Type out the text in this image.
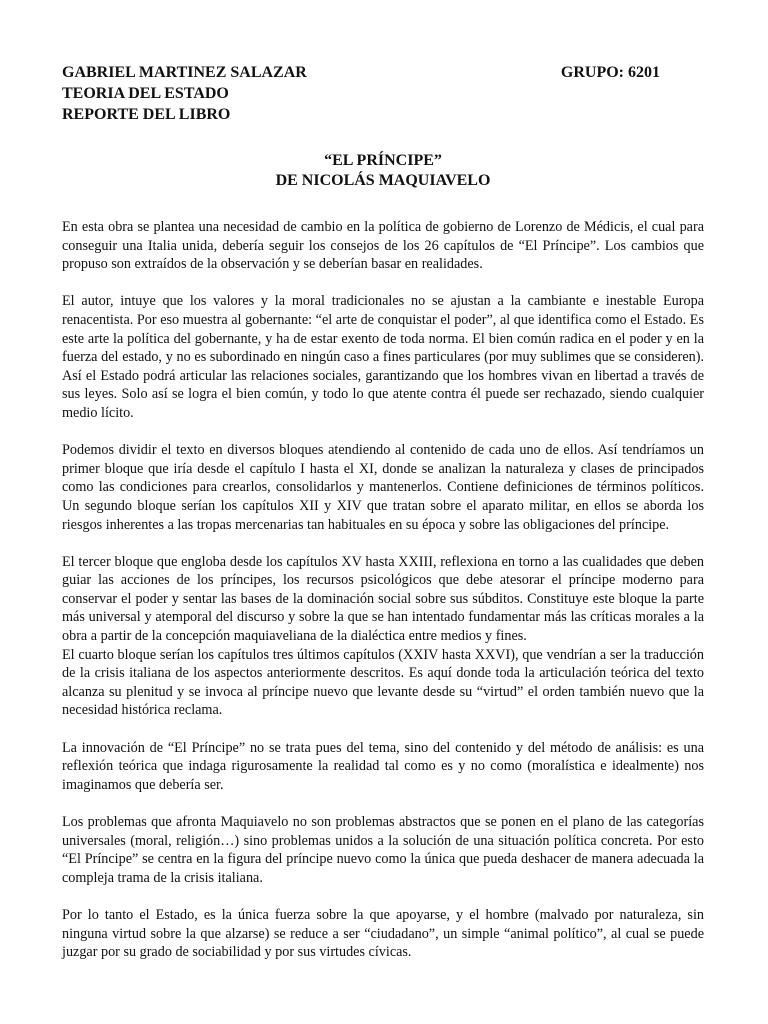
GABRIEL MARTINEZ SALAZAR	GRUPO: 6201
TEORIA DEL ESTADO
REPORTE DEL LIBRO
“EL PRÍNCIPE”
DE NICOLÁS MAQUIAVELO

En esta obra se plantea una necesidad de cambio en la política de gobierno de Lorenzo de Médicis, el cual para conseguir una Italia unida, debería seguir los consejos de los 26 capítulos de “El Príncipe”. Los cambios que propuso son extraídos de la observación y se deberían basar en realidades.

El autor, intuye que los valores y la moral tradicionales no se ajustan a la cambiante e inestable Europa renacentista. Por eso muestra al gobernante: “el arte de conquistar el poder”, al que identifica como el Estado. Es este arte la política del gobernante, y ha de estar exento de toda norma. El bien común radica en el poder y en la fuerza del estado, y no es subordinado en ningún caso a fines particulares (por muy sublimes que se consideren). Así el Estado podrá articular las relaciones sociales, garantizando que los hombres vivan en libertad a través de sus leyes. Solo así se logra el bien común, y todo lo que atente contra él puede ser rechazado, siendo cualquier medio lícito.

Podemos dividir el texto en diversos bloques atendiendo al contenido de cada uno de ellos. Así tendríamos un primer bloque que iría desde el capítulo I hasta el XI, donde se analizan la naturaleza y clases de principados como las condiciones para crearlos, consolidarlos y mantenerlos. Contiene definiciones de términos políticos. Un segundo bloque serían los capítulos XII y XIV que tratan sobre el aparato militar, en ellos se aborda los riesgos inherentes a las tropas mercenarias tan habituales en su época y sobre las obligaciones del príncipe.

El tercer bloque que engloba desde los capítulos XV hasta XXIII, reflexiona en torno a las cualidades que deben guiar las acciones de los príncipes, los recursos psicológicos que debe atesorar el príncipe moderno para conservar el poder y sentar las bases de la dominación social sobre sus súbditos. Constituye este bloque la parte más universal y atemporal del discurso y sobre la que se han intentado fundamentar más las críticas morales a la obra a partir de la concepción maquiaveliana de la dialéctica entre medios y fines.

El cuarto bloque serían los capítulos tres últimos capítulos (XXIV hasta XXVI), que vendrían a ser la traducción de la crisis italiana de los aspectos anteriormente descritos. Es aquí donde toda la articulación teórica del texto alcanza su plenitud y se invoca al príncipe nuevo que levante desde su “virtud” el orden también nuevo que la necesidad histórica reclama.

La innovación de “El Príncipe” no se trata pues del tema, sino del contenido y del método de análisis: es una reflexión teórica que indaga rigurosamente la realidad tal como es y no como (moralística e idealmente) nos imaginamos que debería ser.

Los problemas que afronta Maquiavelo no son problemas abstractos que se ponen en el plano de las categorías universales (moral, religión…) sino problemas unidos a la solución de una situación política concreta. Por esto “El Príncipe” se centra en la figura del príncipe nuevo como la única que pueda deshacer de manera adecuada la compleja trama de la crisis italiana.

Por lo tanto el Estado, es la única fuerza sobre la que apoyarse, y el hombre (malvado por naturaleza, sin ninguna virtud sobre la que alzarse) se reduce a ser “ciudadano”, un simple “animal político”, al cual se puede juzgar por su grado de sociabilidad y por sus virtudes cívicas.
